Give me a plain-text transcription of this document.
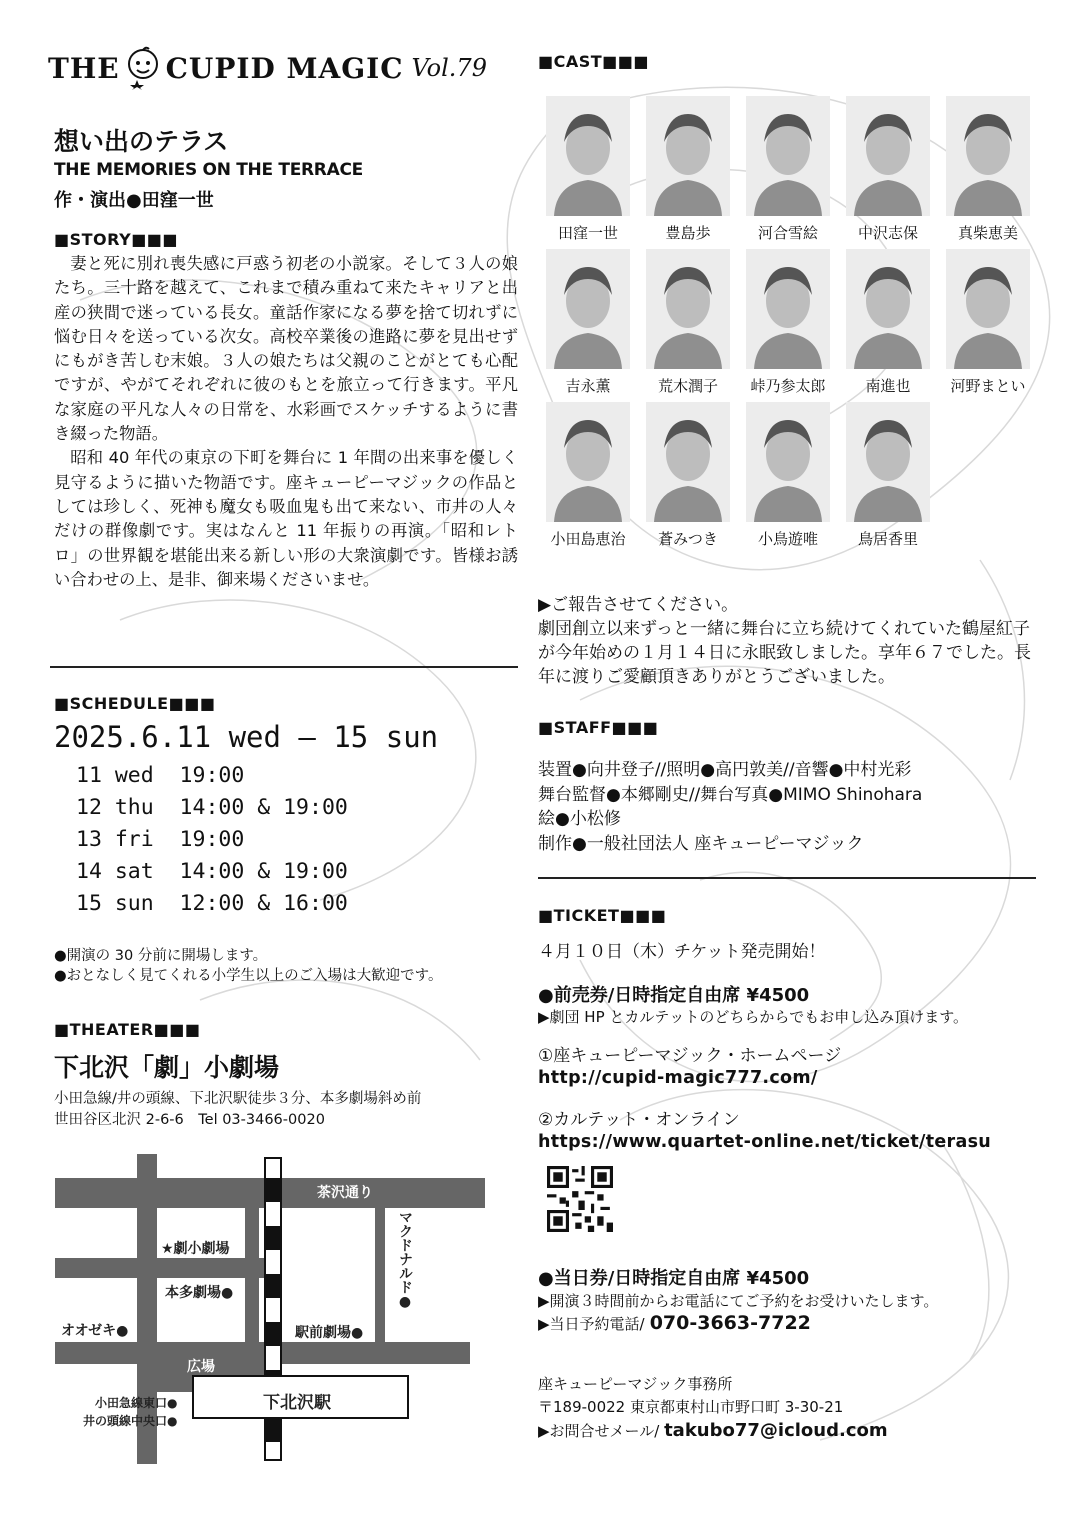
THE CUPID MAGIC Vol.79
想い出のテラス
THE MEMORIES ON THE TERRACE
作・演出●田窪一世
■STORY■■■

妻と死に別れ喪失感に戸惑う初老の小説家。そして３人の娘たち。三十路を越えて、これまで積み重ねて来たキャリアと出産の狭間で迷っている長女。童話作家になる夢を捨て切れずに悩む日々を送っている次女。高校卒業後の進路に夢を見出せずにもがき苦しむ末娘。３人の娘たちは父親のことがとても心配ですが、やがてそれぞれに彼のもとを旅立って行きます。平凡な家庭の平凡な人々の日常を、水彩画でスケッチするように書き綴った物語。

昭和 40 年代の東京の下町を舞台に 1 年間の出来事を優しく見守るように描いた物語です。座キューピーマジックの作品としては珍しく、死神も魔女も吸血鬼も出て来ない、市井の人々だけの群像劇です。実はなんと 11 年振りの再演。「昭和レトロ」の世界観を堪能出来る新しい形の大衆演劇です。皆様お誘い合わせの上、是非、御来場くださいませ。

■SCHEDULE■■■
2025.6.11 wed – 15 sun
11 wed  19:00
12 thu  14:00 & 19:00
13 fri  19:00
14 sat  14:00 & 19:00
15 sun  12:00 & 16:00
●開演の 30 分前に開場します。
●おとなしく見てくれる小学生以上のご入場は大歓迎です。
■THEATER■■■
下北沢「劇」小劇場
小田急線/井の頭線、下北沢駅徒歩３分、本多劇場斜め前
世田谷区北沢 2-6-6　Tel 03-3466-0020
茶沢通り
★劇小劇場
本多劇場●
オオゼキ●	駅前劇場●
マクドナルド●
広場
小田急線東口●
井の頭線中央口●
下北沢駅
■CAST■■■
田窪一世	豊島歩	河合雪絵	中沢志保	真柴恵美
吉永薫	荒木潤子	峠乃参太郎	南進也	河野まとい
小田島恵治	蒼みつき	小鳥遊唯	鳥居香里
▶ご報告させてください。
劇団創立以来ずっと一緒に舞台に立ち続けてくれていた鶴屋紅子が今年始めの１月１４日に永眠致しました。享年６７でした。長年に渡りご愛顧頂きありがとうございました。
■STAFF■■■
装置●向井登子//照明●高円敦美//音響●中村光彩
舞台監督●本郷剛史//舞台写真●MIMO Shinohara
絵●小松修
制作●一般社団法人 座キューピーマジック
■TICKET■■■
４月１０日（木）チケット発売開始！
●前売券/日時指定自由席 ¥4500
▶劇団 HP とカルテットのどちらからでもお申し込み頂けます。
①座キューピーマジック・ホームページ
http://cupid-magic777.com/
②カルテット・オンライン
https://www.quartet-online.net/ticket/terasu
●当日券/日時指定自由席 ¥4500
▶開演３時間前からお電話にてご予約をお受けいたします。
▶当日予約電話/ 070-3663-7722
座キューピーマジック事務所
〒189-0022 東京都東村山市野口町 3-30-21
▶お問合せメール/ takubo77@icloud.com
